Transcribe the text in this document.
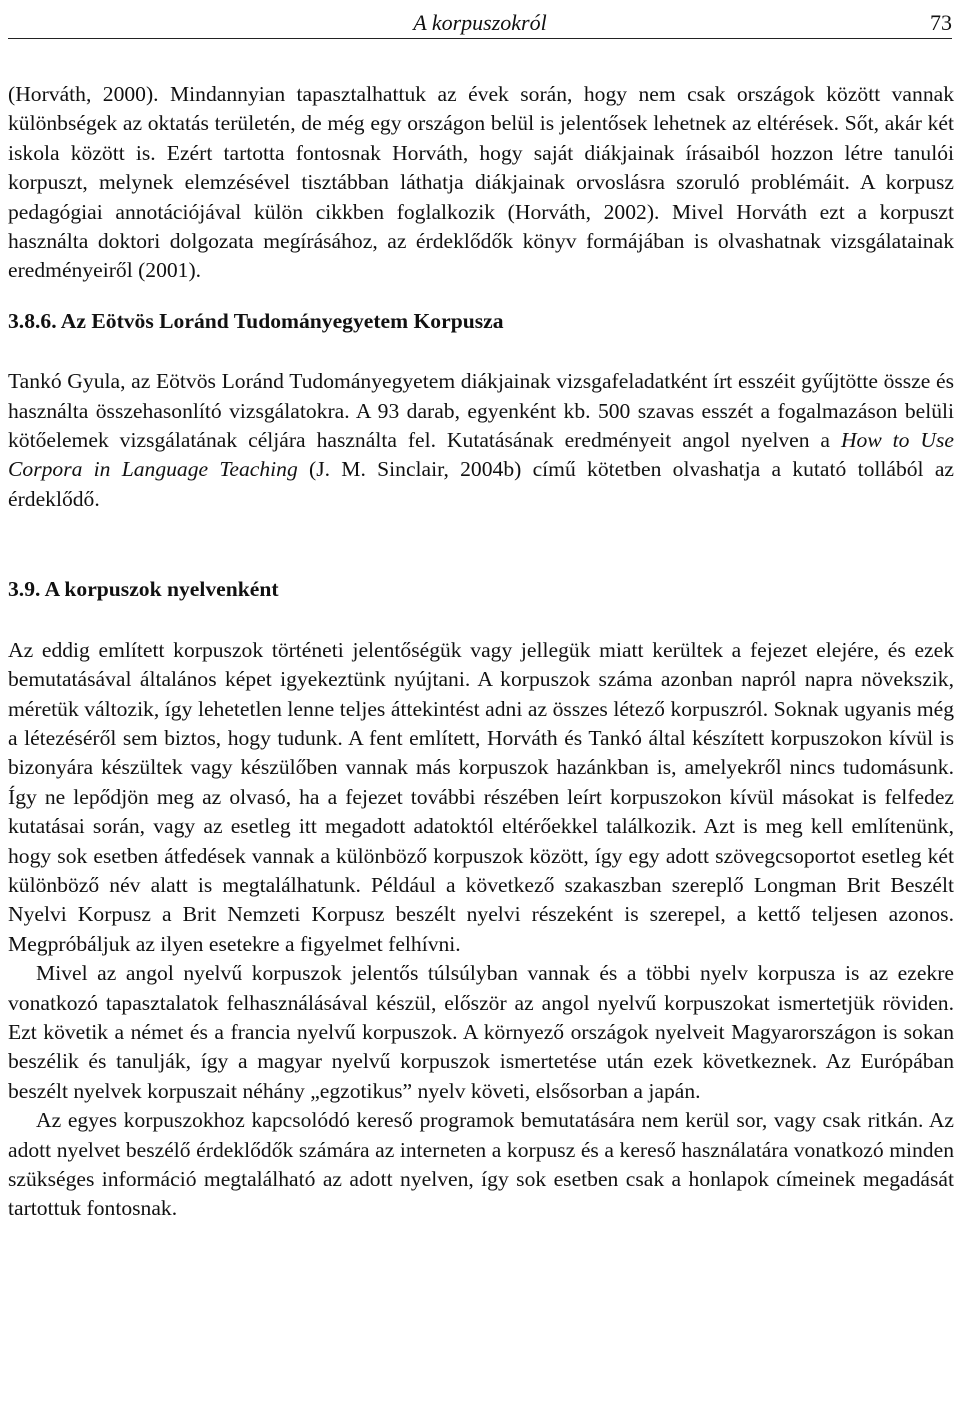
A korpuszokról	73

(Horváth, 2000). Mindannyian tapasztalhattuk az évek során, hogy nem csak országok között vannak különbségek az oktatás területén, de még egy országon belül is jelentősek lehetnek az eltérések. Sőt, akár két iskola között is. Ezért tartotta fontosnak Horváth, hogy saját diákjainak írásaiból hozzon létre tanulói korpuszt, melynek elemzésével tisztábban láthatja diákjainak orvoslásra szoruló problémáit. A korpusz pedagógiai annotációjával külön cikkben foglalkozik (Horváth, 2002). Mivel Horváth ezt a korpuszt használta doktori dolgozata megírásához, az érdeklődők könyv formájában is olvashatnak vizsgálatainak eredményeiről (2001).

3.8.6. Az Eötvös Loránd Tudományegyetem Korpusza

Tankó Gyula, az Eötvös Loránd Tudományegyetem diákjainak vizsgafeladatként írt esszéit gyűjtötte össze és használta összehasonlító vizsgálatokra. A 93 darab, egyenként kb. 500 szavas esszét a fogalmazáson belüli kötőelemek vizsgálatának céljára használta fel. Kutatásának eredményeit angol nyelven a How to Use Corpora in Language Teaching (J. M. Sinclair, 2004b) című kötetben olvashatja a kutató tollából az érdeklődő.

3.9. A korpuszok nyelvenként

Az eddig említett korpuszok történeti jelentőségük vagy jellegük miatt kerültek a fejezet elejére, és ezek bemutatásával általános képet igyekeztünk nyújtani. A korpuszok száma azonban napról napra növekszik, méretük változik, így lehetetlen lenne teljes áttekintést adni az összes létező korpuszról. Soknak ugyanis még a létezéséről sem biztos, hogy tudunk. A fent említett, Horváth és Tankó által készített korpuszokon kívül is bizonyára készültek vagy készülőben vannak más korpuszok hazánkban is, amelyekről nincs tudomásunk. Így ne lepődjön meg az olvasó, ha a fejezet további részében leírt korpuszokon kívül másokat is felfedez kutatásai során, vagy az esetleg itt megadott adatoktól eltérőekkel találkozik. Azt is meg kell említenünk, hogy sok esetben átfedések vannak a különböző korpuszok között, így egy adott szövegcsoportot esetleg két különböző név alatt is megtalálhatunk. Például a következő szakaszban szereplő Longman Brit Beszélt Nyelvi Korpusz a Brit Nemzeti Korpusz beszélt nyelvi részeként is szerepel, a kettő teljesen azonos. Megpróbáljuk az ilyen esetekre a figyelmet felhívni.

Mivel az angol nyelvű korpuszok jelentős túlsúlyban vannak és a többi nyelv korpusza is az ezekre vonatkozó tapasztalatok felhasználásával készül, először az angol nyelvű korpuszokat ismertetjük röviden. Ezt követik a német és a francia nyelvű korpuszok. A környező országok nyelveit Magyarországon is sokan beszélik és tanulják, így a magyar nyelvű korpuszok ismertetése után ezek következnek. Az Európában beszélt nyelvek korpuszait néhány „egzotikus” nyelv követi, elsősorban a japán.

Az egyes korpuszokhoz kapcsolódó kereső programok bemutatására nem kerül sor, vagy csak ritkán. Az adott nyelvet beszélő érdeklődők számára az interneten a korpusz és a kereső használatára vonatkozó minden szükséges információ megtalálható az adott nyelven, így sok esetben csak a honlapok címeinek megadását tartottuk fontosnak.
